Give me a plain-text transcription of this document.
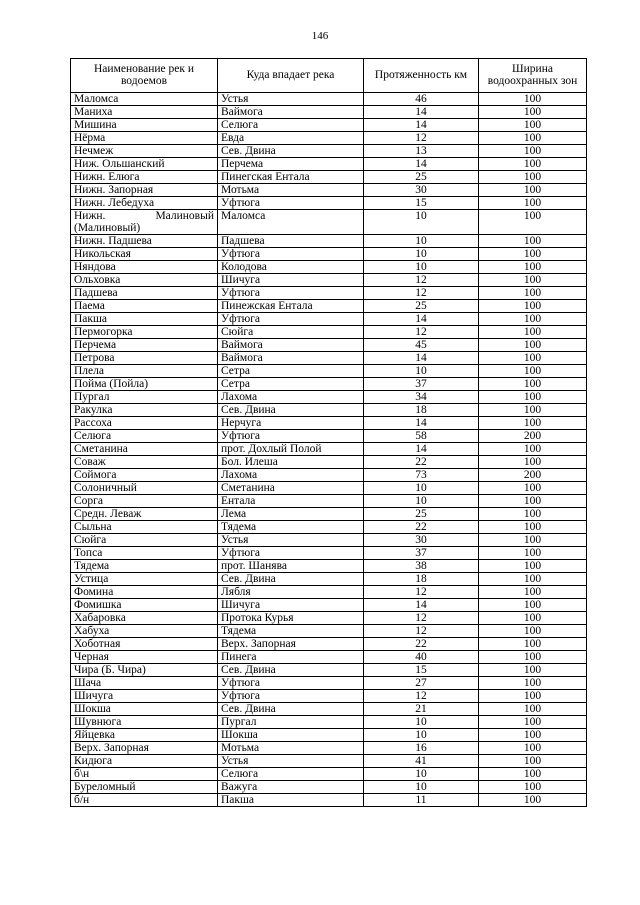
146
Наименование рек и водоемов	Куда впадает река	Протяженность км	Ширина водоохранных зон
Маломса	Устья	46	100
Маниха	Ваймога	14	100
Мишина	Селюга	14	100
Нёрма	Евда	12	100
Нечмеж	Сев. Двина	13	100
Ниж. Ольшанский	Перчема	14	100
Нижн. Елюга	Пинегская Ентала	25	100
Нижн. Запорная	Мотьма	30	100
Нижн. Лебедуха	Уфтюга	15	100
Нижн. Малиновый (Малиновый)	Маломса	10	100
Нижн. Падшева	Падшева	10	100
Никольская	Уфтюга	10	100
Няндова	Колодова	10	100
Ольховка	Шичуга	12	100
Падшева	Уфтюга	12	100
Паема	Пинежская Ентала	25	100
Пакша	Уфтюга	14	100
Пермогорка	Сюйга	12	100
Перчема	Ваймога	45	100
Петрова	Ваймога	14	100
Плела	Сетра	10	100
Пойма (Пойла)	Сетра	37	100
Пургал	Лахома	34	100
Ракулка	Сев. Двина	18	100
Рассоха	Нерчуга	14	100
Селюга	Уфтюга	58	200
Сметанина	прот. Дохлый Полой	14	100
Соваж	Бол. Илеша	22	100
Соймога	Лахома	73	200
Солоничный	Сметанина	10	100
Сорга	Ентала	10	100
Средн. Леваж	Лема	25	100
Сыльна	Тядема	22	100
Сюйга	Устья	30	100
Топса	Уфтюга	37	100
Тядема	прот. Шанява	38	100
Устица	Сев. Двина	18	100
Фомина	Лябля	12	100
Фомишка	Шичуга	14	100
Хабаровка	Протока Курья	12	100
Хабуха	Тядема	12	100
Хоботная	Верх. Запорная	22	100
Черная	Пинега	40	100
Чира (Б. Чира)	Сев. Двина	15	100
Шача	Уфтюга	27	100
Шичуга	Уфтюга	12	100
Шокша	Сев. Двина	21	100
Шувнюга	Пургал	10	100
Яйцевка	Шокша	10	100
Верх. Запорная	Мотьма	16	100
Кидюга	Устья	41	100
б\н	Селюга	10	100
Буреломный	Важуга	10	100
б/н	Пакша	11	100
